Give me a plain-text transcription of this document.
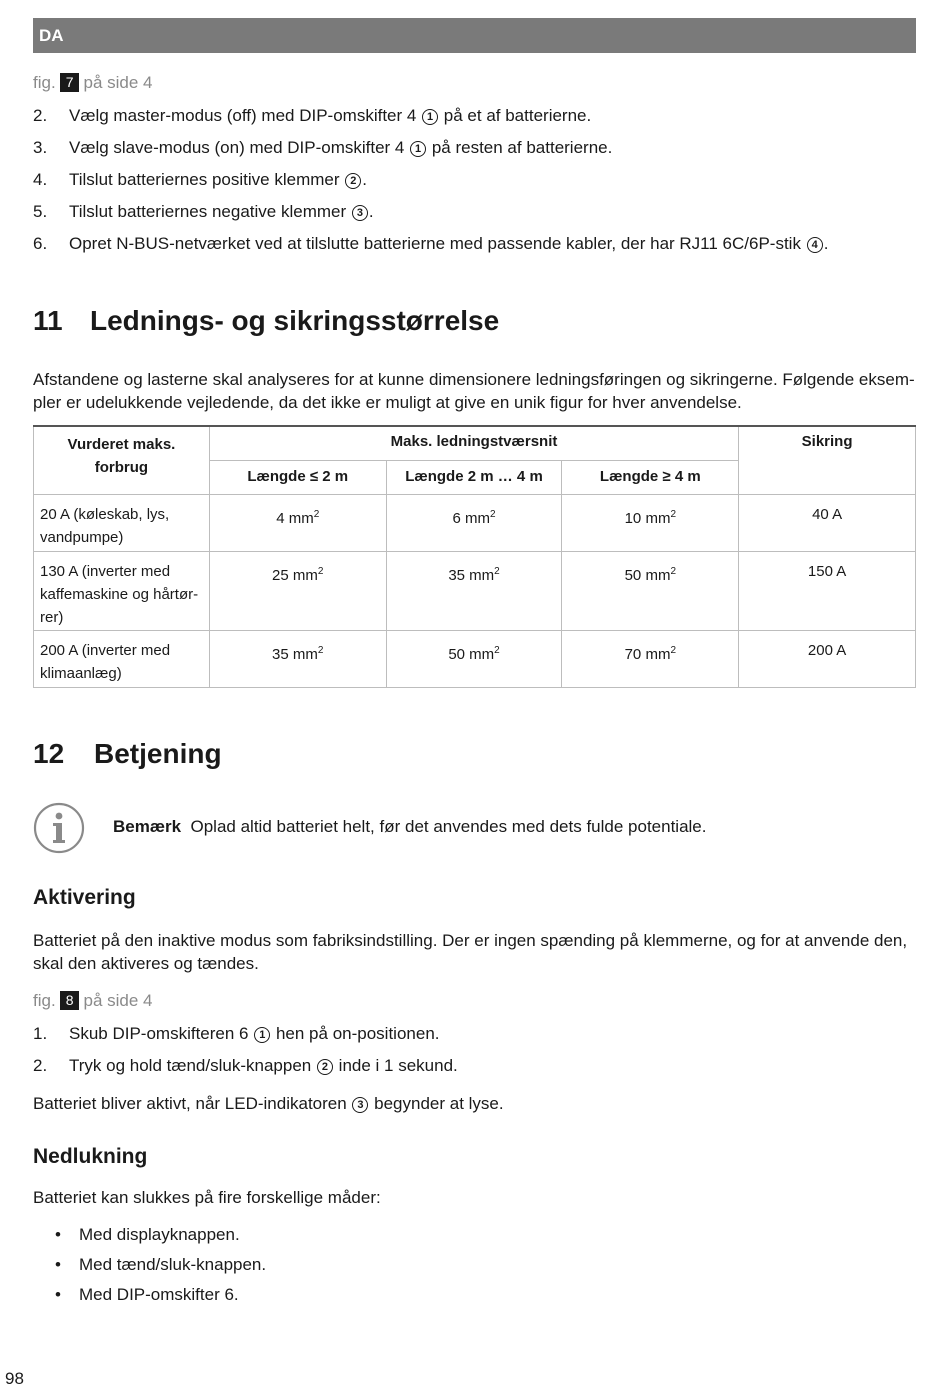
DA
fig. 7 på side 4
2. Vælg master-modus (off) med DIP-omskifter 4 1 på et af batterierne.
3. Vælg slave-modus (on) med DIP-omskifter 4 1 på resten af batterierne.
4. Tilslut batteriernes positive klemmer 2 .
5. Tilslut batteriernes negative klemmer 3 .
6. Opret N-BUS-netværket ved at tilslutte batterierne med passende kabler, der har RJ11 6C/6P-stik 4 .
11 Lednings- og sikringsstørrelse
Afstandene og lasterne skal analyseres for at kunne dimensionere ledningsføringen og sikringerne. Følgende eksem-
pler er udelukkende vejledende, da det ikke er muligt at give en unik figur for hver anvendelse.
Vurderet maks. forbrug	Maks. ledningstværsnit			Sikring
	Længde ≤ 2 m	Længde 2 m … 4 m	Længde ≥ 4 m	
20 A (køleskab, lys, vandpumpe)	4 $mm^2$	6 $mm^2$	10 $mm^2$	40 A
130 A (inverter med kaffemaskine og hårtør-rer)	25 $mm^2$	35 $mm^2$	50 $mm^2$	150 A
200 A (inverter med klimaanlæg)	35 $mm^2$	50 $mm^2$	70 $mm^2$	200 A
12 Betjening
Bemærk Oplad altid batteriet helt, før det anvendes med dets fulde potentiale.
Aktivering
Batteriet på den inaktive modus som fabriksindstilling. Der er ingen spænding på klemmerne, og for at anvende den,
skal den aktiveres og tændes.
fig. 8 på side 4
1. Skub DIP-omskifteren 6 1 hen på on-positionen.
2. Tryk og hold tænd/sluk-knappen 2 inde i 1 sekund.
Batteriet bliver aktivt, når LED-indikatoren 3 begynder at lyse.
Nedlukning
Batteriet kan slukkes på fire forskellige måder:
• Med displayknappen.
• Med tænd/sluk-knappen.
• Med DIP-omskifter 6.
98
